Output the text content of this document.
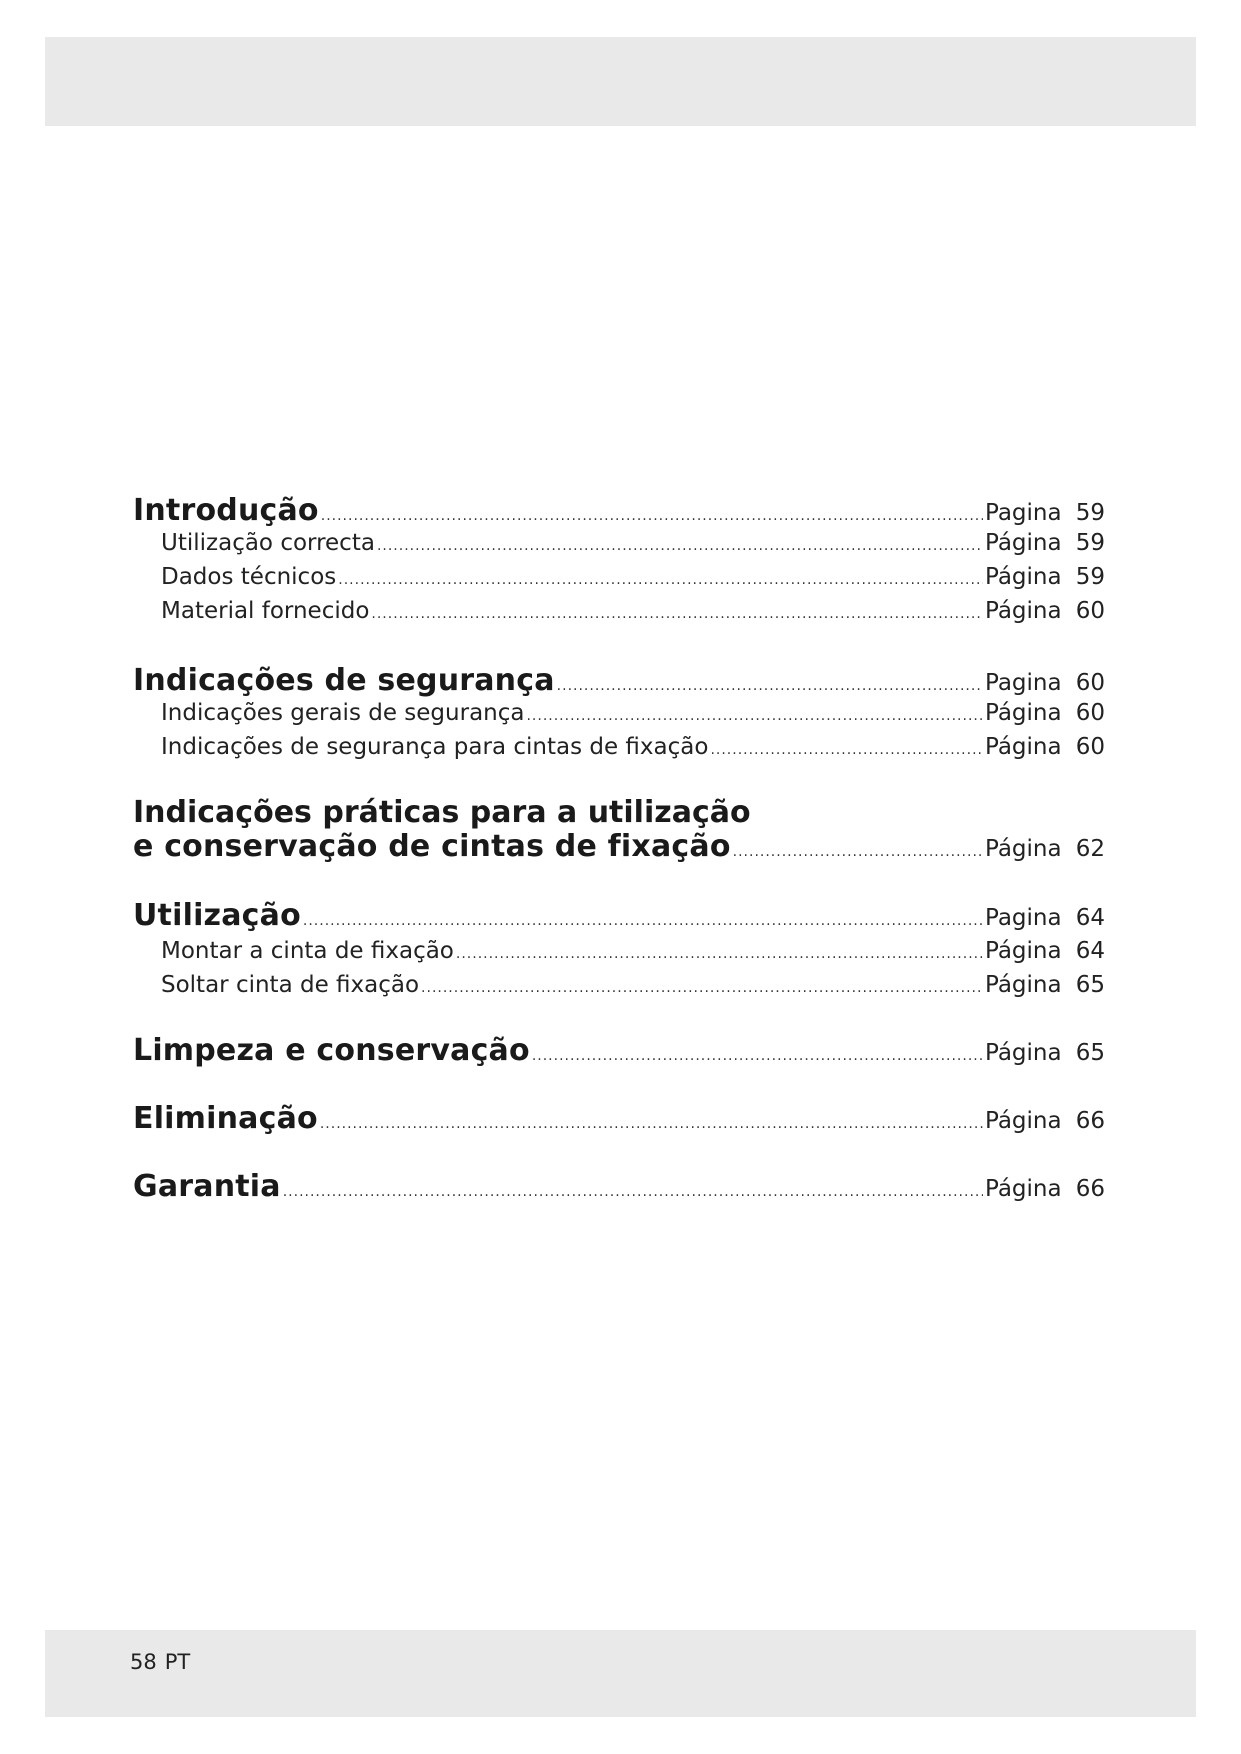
Introdução .....	Pagina 59
Utilização correcta .....	Página 59
Dados técnicos .....	Página 59
Material fornecido .....	Página 60
Indicações de segurança .....	Pagina 60
Indicações gerais de segurança .....	Página 60
Indicações de segurança para cintas de fixação .....	Página 60
Indicações práticas para a utilização
e conservação de cintas de fixação .....	Página 62
Utilização .....	Pagina 64
Montar a cinta de fixação .....	Página 64
Soltar cinta de fixação .....	Página 65
Limpeza e conservação .....	Página 65
Eliminação .....	Página 66
Garantia .....	Página 66
58 PT
